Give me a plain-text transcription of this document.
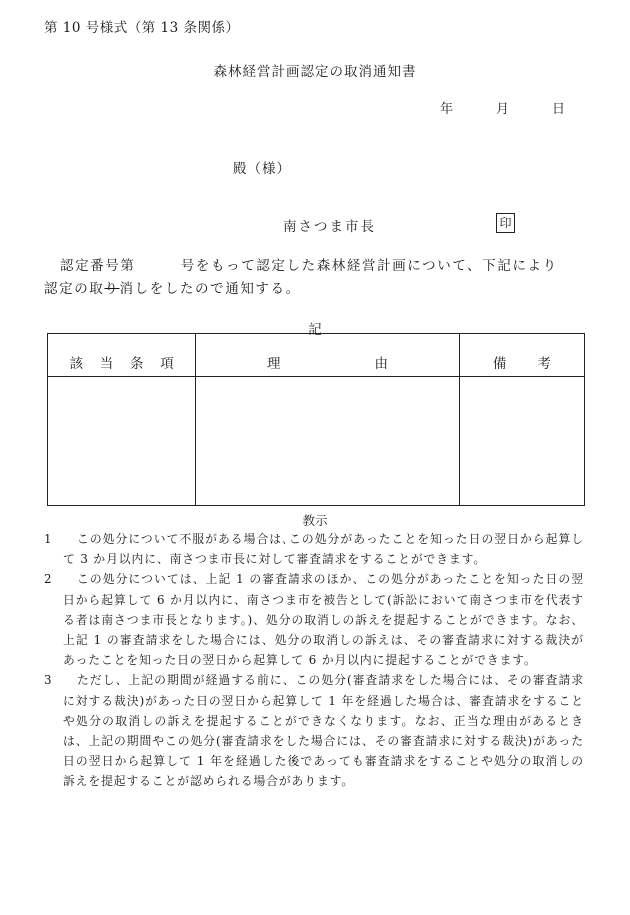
第 10 号様式（第 13 条関係）
森林経営計画認定の取消通知書
年	月	日
殿（様）
南さつま市長	印
認定番号第　　　号をもって認定した森林経営計画について、下記により
認定の取り消しをしたので通知する。
記
該 当 条 項	理 由	備 考

教示
1	この処分について不服がある場合は､この処分があったことを知った日の翌日から起算して 3 か月以内に、南さつま市長に対して審査請求をすることができます。
2	この処分については、上記 1 の審査請求のほか、この処分があったことを知った日の翌日から起算して 6 か月以内に、南さつま市を被告として(訴訟において南さつま市を代表する者は南さつま市長となります。)、処分の取消しの訴えを提起することができます。なお、上記 1 の審査請求をした場合には、処分の取消しの訴えは、その審査請求に対する裁決があったことを知った日の翌日から起算して 6 か月以内に提起することができます。
3	ただし、上記の期間が経過する前に、この処分(審査請求をした場合には、その審査請求に対する裁決)があった日の翌日から起算して 1 年を経過した場合は、審査請求をすることや処分の取消しの訴えを提起することができなくなります。なお、正当な理由があるときは、上記の期間やこの処分(審査請求をした場合には、その審査請求に対する裁決)があった日の翌日から起算して 1 年を経過した後であっても審査請求をすることや処分の取消しの訴えを提起することが認められる場合があります。
